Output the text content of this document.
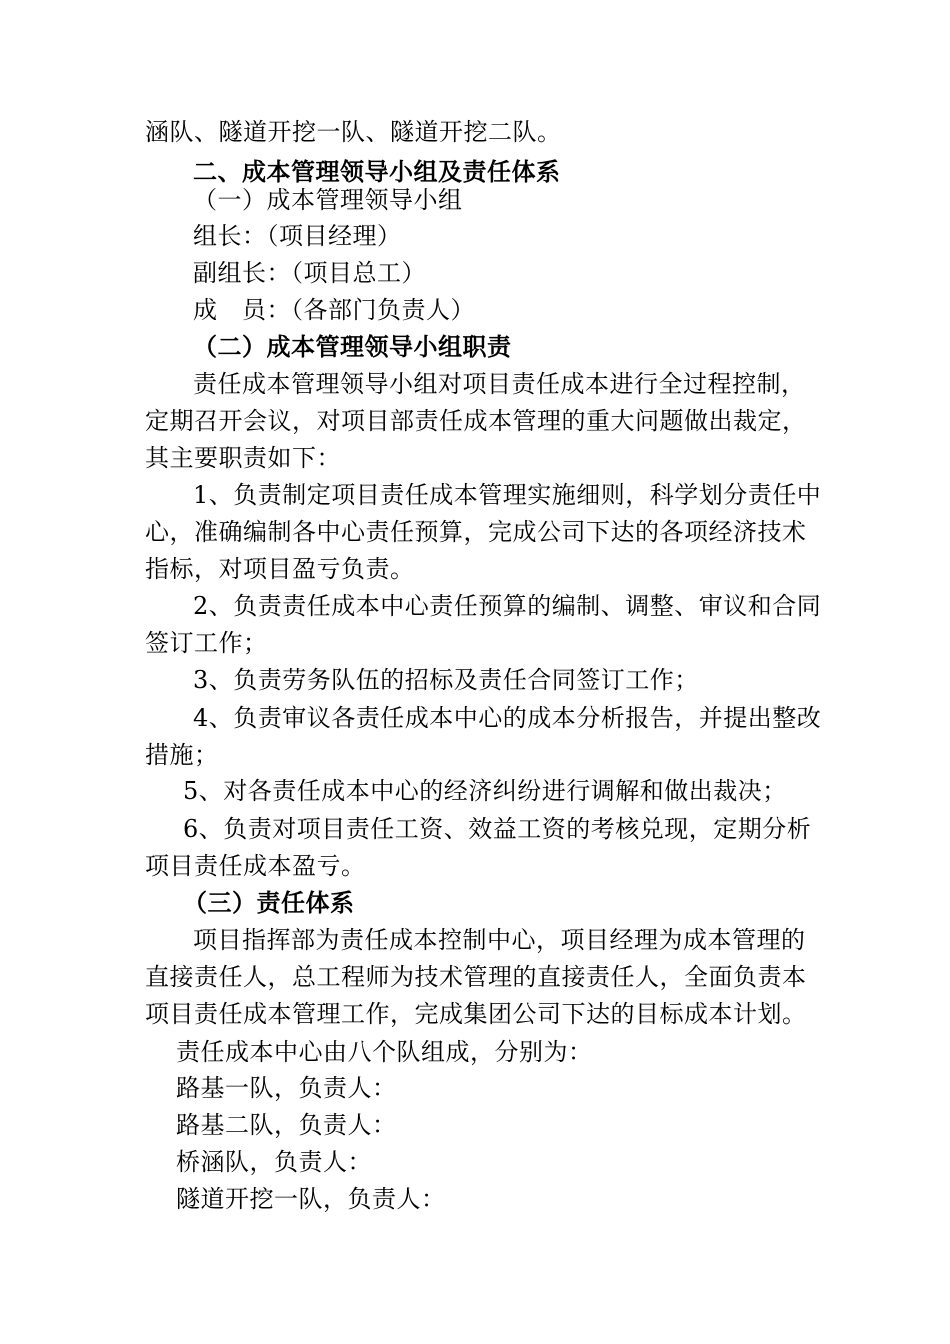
涵队、隧道开挖一队、隧道开挖二队。
二、成本管理领导小组及责任体系
（一）成本管理领导小组
组长：（项目经理）
副组长：（项目总工）
成　员：（各部门负责人）
（二）成本管理领导小组职责
责任成本管理领导小组对项目责任成本进行全过程控制，
定期召开会议，对项目部责任成本管理的重大问题做出裁定，
其主要职责如下：
1、负责制定项目责任成本管理实施细则，科学划分责任中
心，准确编制各中心责任预算，完成公司下达的各项经济技术
指标，对项目盈亏负责。
2、负责责任成本中心责任预算的编制、调整、审议和合同
签订工作；
3、负责劳务队伍的招标及责任合同签订工作；
4、负责审议各责任成本中心的成本分析报告，并提出整改
措施；
5、对各责任成本中心的经济纠纷进行调解和做出裁决；
6、负责对项目责任工资、效益工资的考核兑现，定期分析
项目责任成本盈亏。
（三）责任体系
项目指挥部为责任成本控制中心，项目经理为成本管理的
直接责任人，总工程师为技术管理的直接责任人，全面负责本
项目责任成本管理工作，完成集团公司下达的目标成本计划。
责任成本中心由八个队组成，分别为：
路基一队，负责人：
路基二队，负责人：
桥涵队，负责人：
隧道开挖一队，负责人：
